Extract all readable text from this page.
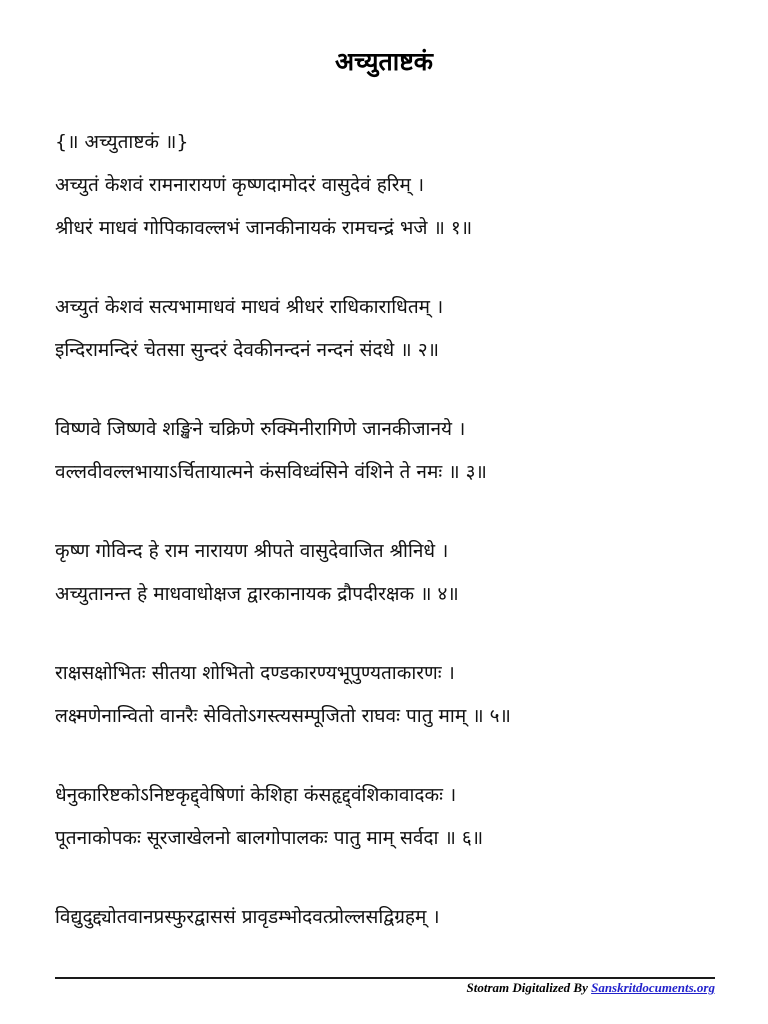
अच्युताष्टकं

{॥ अच्युताष्टकं ॥}

अच्युतं केशवं रामनारायणं कृष्णदामोदरं वासुदेवं हरिम् ।

श्रीधरं माधवं गोपिकावल्लभं जानकीनायकं रामचन्द्रं भजे ॥ १॥

अच्युतं केशवं सत्यभामाधवं माधवं श्रीधरं राधिकाराधितम् ।

इन्दिरामन्दिरं चेतसा सुन्दरं देवकीनन्दनं नन्दनं संदधे ॥ २॥

विष्णवे जिष्णवे शङ्खिने चक्रिणे रुक्मिनीरागिणे जानकीजानये ।

वल्लवीवल्लभायाऽर्चितायात्मने कंसविध्वंसिने वंशिने ते नमः ॥ ३॥

कृष्ण गोविन्द हे राम नारायण श्रीपते वासुदेवाजित श्रीनिधे ।

अच्युतानन्त हे माधवाधोक्षज द्वारकानायक द्रौपदीरक्षक ॥ ४॥

राक्षसक्षोभितः सीतया शोभितो दण्डकारण्यभूपुण्यताकारणः ।

लक्ष्मणेनान्वितो वानरैः सेवितोऽगस्त्यसम्पूजितो राघवः पातु माम् ॥ ५॥

धेनुकारिष्टकोऽनिष्टकृद्द्वेषिणां केशिहा कंसहृद्द्वंशिकावादकः ।

पूतनाकोपकः सूरजाखेलनो बालगोपालकः पातु माम् सर्वदा ॥ ६॥

विद्युदुद्द्योतवानप्रस्फुरद्वाससं प्रावृडम्भोदवत्प्रोल्लसद्विग्रहम् ।

Stotram Digitalized By Sanskritdocuments.org
